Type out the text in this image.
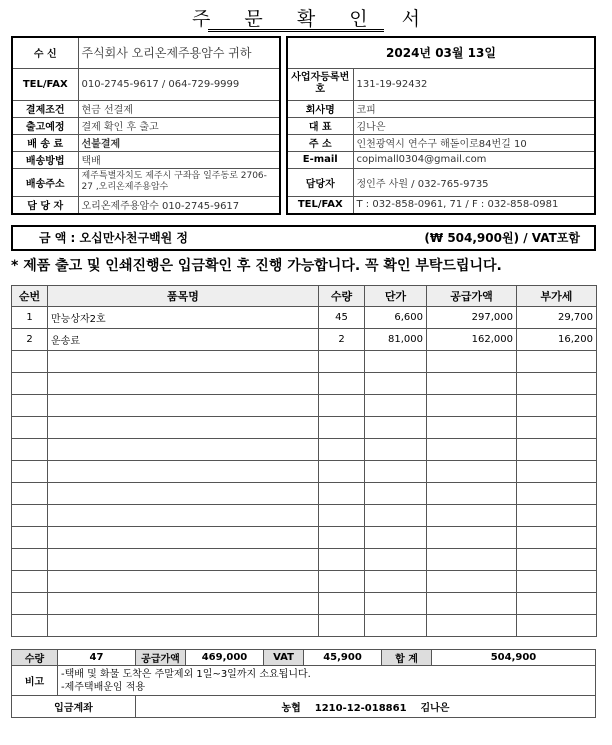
주 문 확 인 서
수 신	주식회사 오리온제주용암수 귀하
TEL/FAX	010-2745-9617 / 064-729-9999
결제조건	현금 선결제
출고예정	결제 확인 후 출고
배 송 료	선불결제
배송방법	택배
배송주소	제주특별자치도 제주시 구좌읍 일주동로 2706-27 ,오리온제주용암수
담 당 자	오리온제주용암수 010-2745-9617
2024년 03월 13일	
사업자등록번호	131-19-92432
회사명	코피
대 표	김나은
주 소	인천광역시 연수구 해돋이로84번길 10
E-mail	copimall0304@gmail.com
담당자	정인주 사원 / 032-765-9735
TEL/FAX	T : 032-858-0961, 71 / F : 032-858-0981
금 액 : 오십만사천구백원 정	(₩ 504,900원) / VAT포함
* 제품 출고 및 인쇄진행은 입금확인 후 진행 가능합니다. 꼭 확인 부탁드립니다.
순번	품목명	수량	단가	공급가액	부가세
1	만능상자2호	45	6,600	297,000	29,700
2	운송료	2	81,000	162,000	16,200

수량	47	공급가액	469,000	VAT	45,900	합 계	504,900
비고	-택배 및 화물 도착은 주말제외 1일~3일까지 소요됩니다.
-제주택배운임 적용						

입금계좌		농협    1210-12-018861    김나은					
